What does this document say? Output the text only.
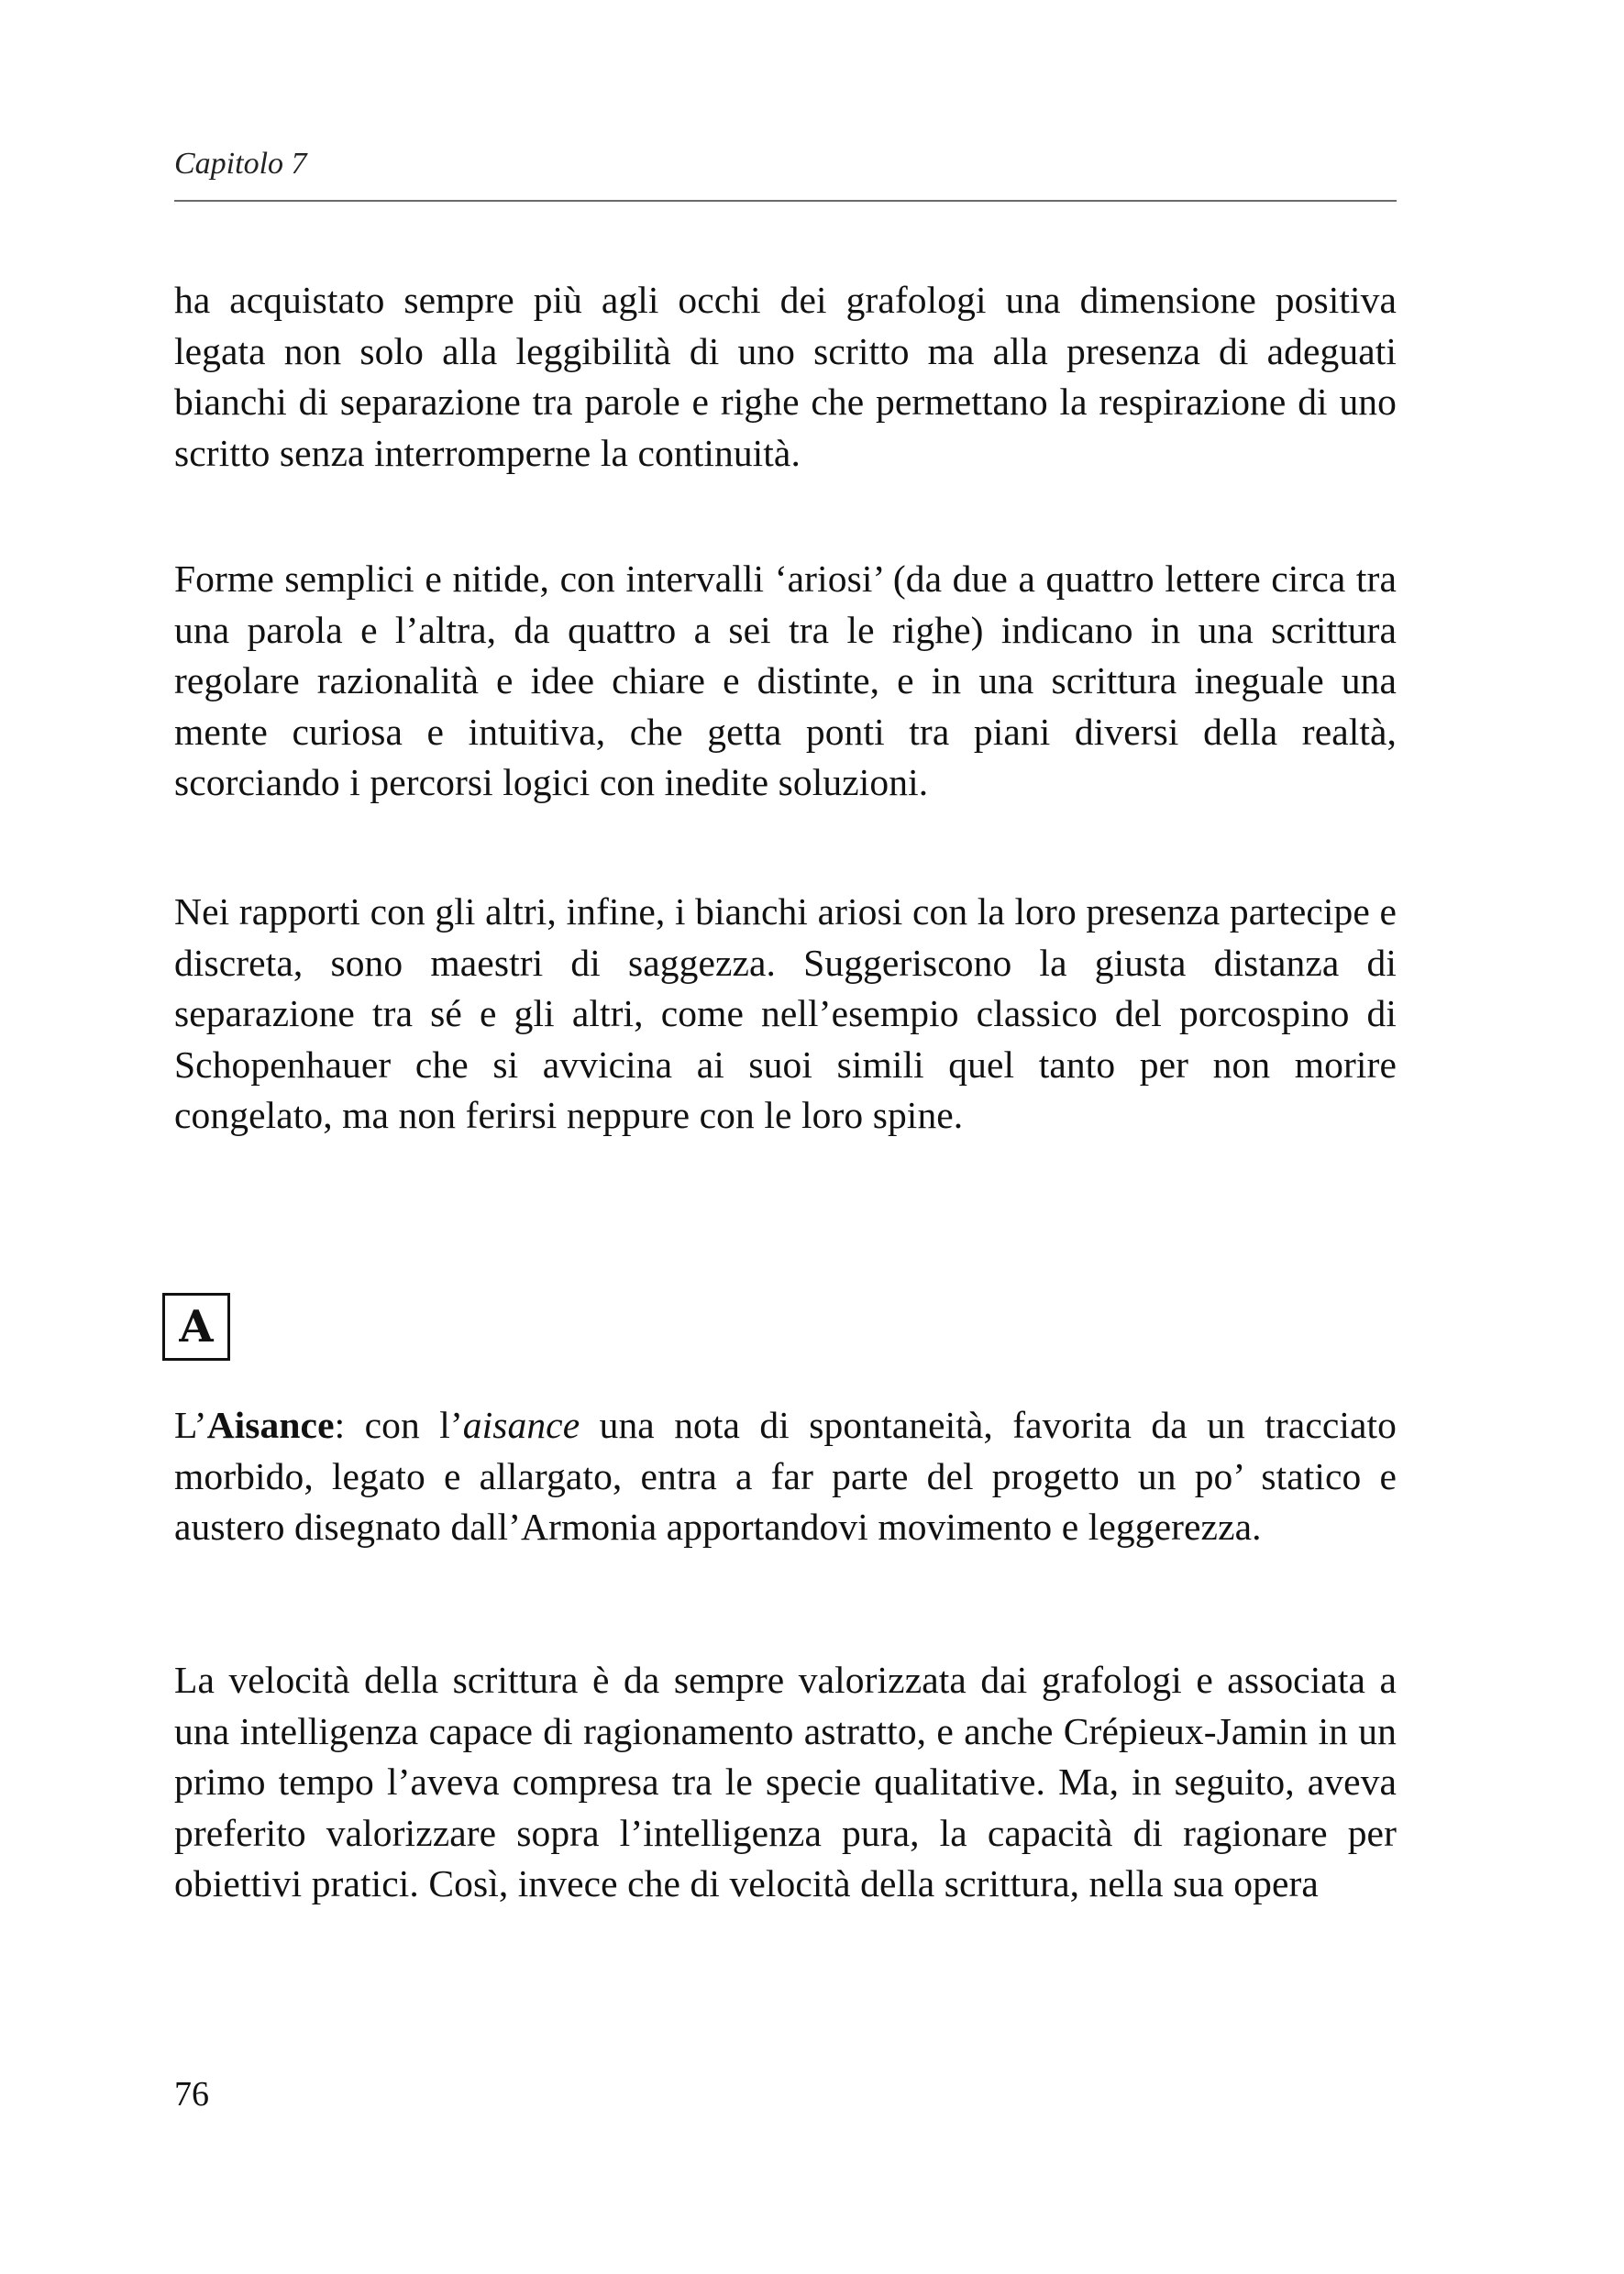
Capitolo 7

ha acquistato sempre più agli occhi dei grafologi una dimensione positiva legata non solo alla leggibilità di uno scritto ma alla presenza di adeguati bianchi di separazione tra parole e righe che permettano la respirazione di uno scritto senza interromperne la continuità.

Forme semplici e nitide, con intervalli ‘ariosi’ (da due a quattro lettere circa tra una parola e l’altra, da quattro a sei tra le righe) indicano in una scrittura regolare razionalità e idee chiare e distinte, e in una scrittura ineguale una mente curiosa e intuitiva, che getta ponti tra piani diversi della realtà, scorciando i percorsi logici con inedite soluzioni.

Nei rapporti con gli altri, infine, i bianchi ariosi con la loro presenza partecipe e discreta, sono maestri di saggezza. Suggeriscono la giusta distanza di separazione tra sé e gli altri, come nell’esempio classico del porcospino di Schopenhauer che si avvicina ai suoi simili quel tanto per non morire congelato, ma non ferirsi neppure con le loro spine.

A

L’Aisance: con l’aisance una nota di spontaneità, favorita da un tracciato morbido, legato e allargato, entra a far parte del progetto un po’ statico e austero disegnato dall’Armonia apportandovi movimento e leggerezza.

La velocità della scrittura è da sempre valorizzata dai grafologi e associata a una intelligenza capace di ragionamento astratto, e anche Crépieux-Jamin in un primo tempo l’aveva compresa tra le specie qualitative. Ma, in seguito, aveva preferito valorizzare sopra l’intelligenza pura, la capacità di ragionare per obiettivi pratici. Così, invece che di velocità della scrittura, nella sua opera

76
